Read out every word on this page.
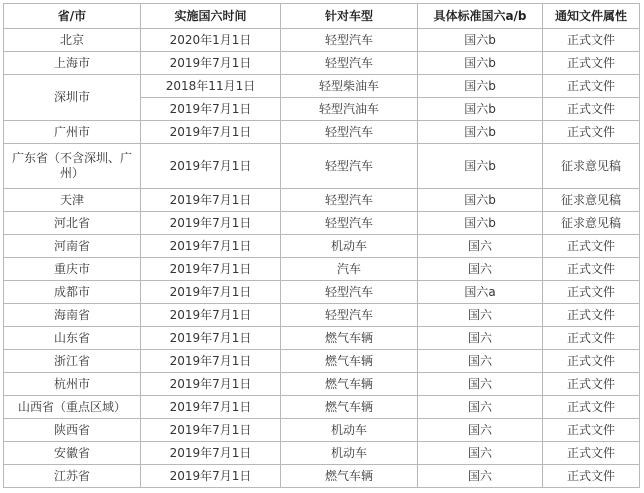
省/市	实施国六时间	针对车型	具体标准国六a/b	通知文件属性
北京	2020年1月1日	轻型汽车	国六b	正式文件
上海市	2019年7月1日	轻型汽车	国六b	正式文件
深圳市	2018年11月1日	轻型柴油车	国六b	正式文件
	2019年7月1日	轻型汽油车	国六b	正式文件
广州市	2019年7月1日	轻型汽车	国六b	正式文件
广东省（不含深圳、广州）	2019年7月1日	轻型汽车	国六b	征求意见稿
天津	2019年7月1日	轻型汽车	国六b	征求意见稿
河北省	2019年7月1日	轻型汽车	国六b	征求意见稿
河南省	2019年7月1日	机动车	国六	正式文件
重庆市	2019年7月1日	汽车	国六	正式文件
成都市	2019年7月1日	轻型汽车	国六a	正式文件
海南省	2019年7月1日	轻型汽车	国六	正式文件
山东省	2019年7月1日	燃气车辆	国六	正式文件
浙江省	2019年7月1日	燃气车辆	国六	正式文件
杭州市	2019年7月1日	燃气车辆	国六	正式文件
山西省（重点区域）	2019年7月1日	燃气车辆	国六	正式文件
陕西省	2019年7月1日	机动车	国六	正式文件
安徽省	2019年7月1日	机动车	国六	正式文件
江苏省	2019年7月1日	燃气车辆	国六	正式文件
